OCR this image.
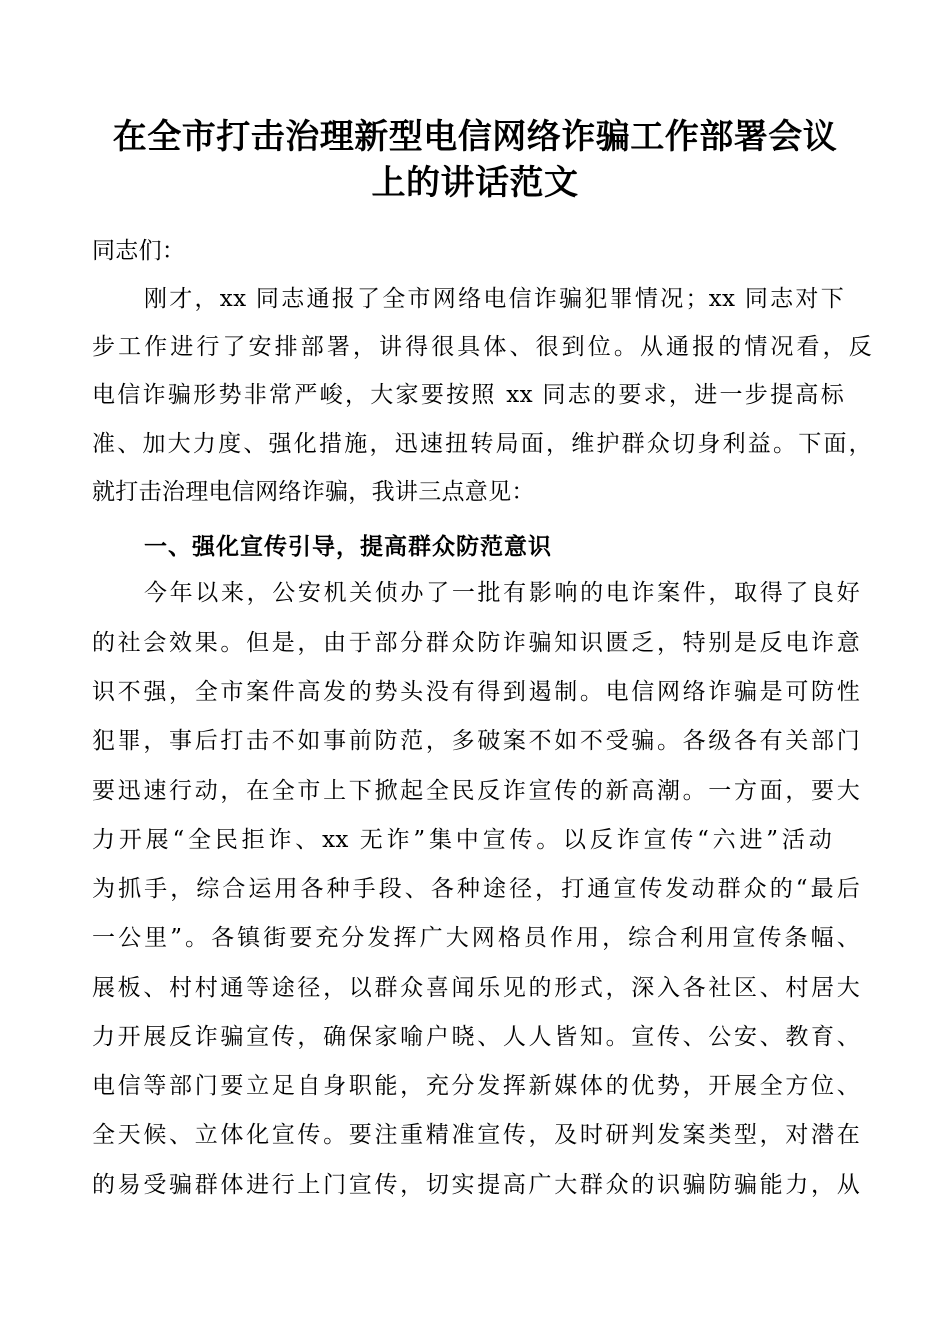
在全市打击治理新型电信网络诈骗工作部署会议
上的讲话范文
同志们：
刚才，xx 同志通报了全市网络电信诈骗犯罪情况；xx 同志对下
步工作进行了安排部署，讲得很具体、很到位。从通报的情况看，反
电信诈骗形势非常严峻，大家要按照 xx 同志的要求，进一步提高标
准、加大力度、强化措施，迅速扭转局面，维护群众切身利益。下面，
就打击治理电信网络诈骗，我讲三点意见：
一、强化宣传引导，提高群众防范意识
今年以来，公安机关侦办了一批有影响的电诈案件，取得了良好
的社会效果。但是，由于部分群众防诈骗知识匮乏，特别是反电诈意
识不强，全市案件高发的势头没有得到遏制。电信网络诈骗是可防性
犯罪，事后打击不如事前防范，多破案不如不受骗。各级各有关部门
要迅速行动，在全市上下掀起全民反诈宣传的新高潮。一方面，要大
力开展“全民拒诈、xx 无诈”集中宣传。以反诈宣传“六进”活动
为抓手，综合运用各种手段、各种途径，打通宣传发动群众的“最后
一公里”。各镇街要充分发挥广大网格员作用，综合利用宣传条幅、
展板、村村通等途径，以群众喜闻乐见的形式，深入各社区、村居大
力开展反诈骗宣传，确保家喻户晓、人人皆知。宣传、公安、教育、
电信等部门要立足自身职能，充分发挥新媒体的优势，开展全方位、
全天候、立体化宣传。要注重精准宣传，及时研判发案类型，对潜在
的易受骗群体进行上门宣传，切实提高广大群众的识骗防骗能力，从
